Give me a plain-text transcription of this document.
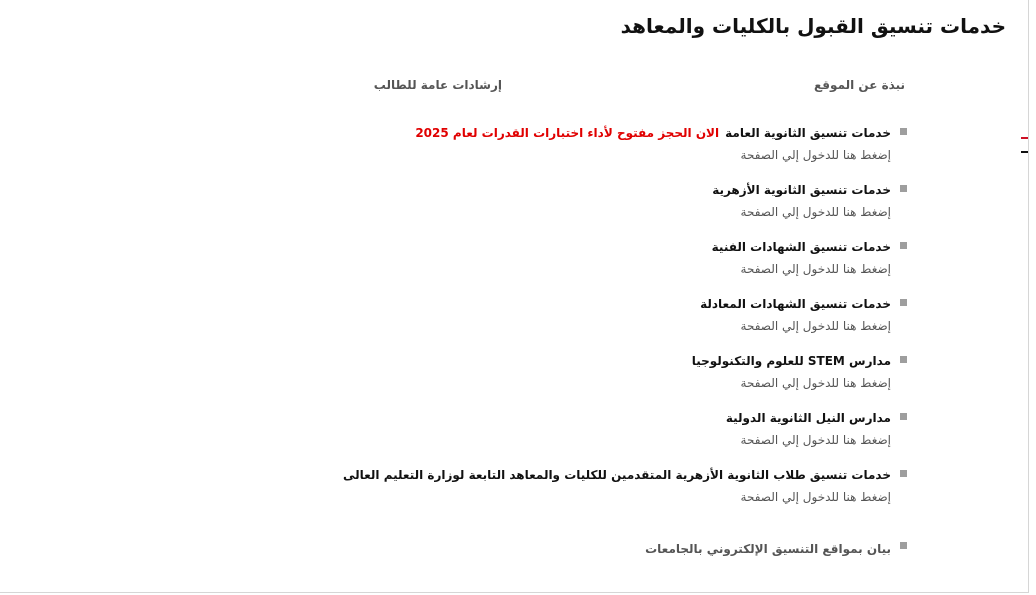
خدمات تنسيق القبول بالكليات والمعاهد
نبذة عن الموقع
إرشادات عامة للطالب
خدمات تنسيق الثانوية العامةالان الحجز مفتوح لأداء اختبارات القدرات لعام 2025
إضغط هنا للدخول إلي الصفحة
خدمات تنسيق الثانوية الأزهرية
إضغط هنا للدخول إلي الصفحة
خدمات تنسيق الشهادات الفنية
إضغط هنا للدخول إلي الصفحة
خدمات تنسيق الشهادات المعادلة
إضغط هنا للدخول إلي الصفحة
مدارس STEM للعلوم والتكنولوجيا
إضغط هنا للدخول إلي الصفحة
مدارس النيل الثانوية الدولية
إضغط هنا للدخول إلي الصفحة
خدمات تنسيق طلاب الثانوية الأزهرية المتقدمين للكليات والمعاهد التابعة لوزارة التعليم العالى
إضغط هنا للدخول إلي الصفحة
بيان بمواقع التنسيق الإلكتروني بالجامعات
